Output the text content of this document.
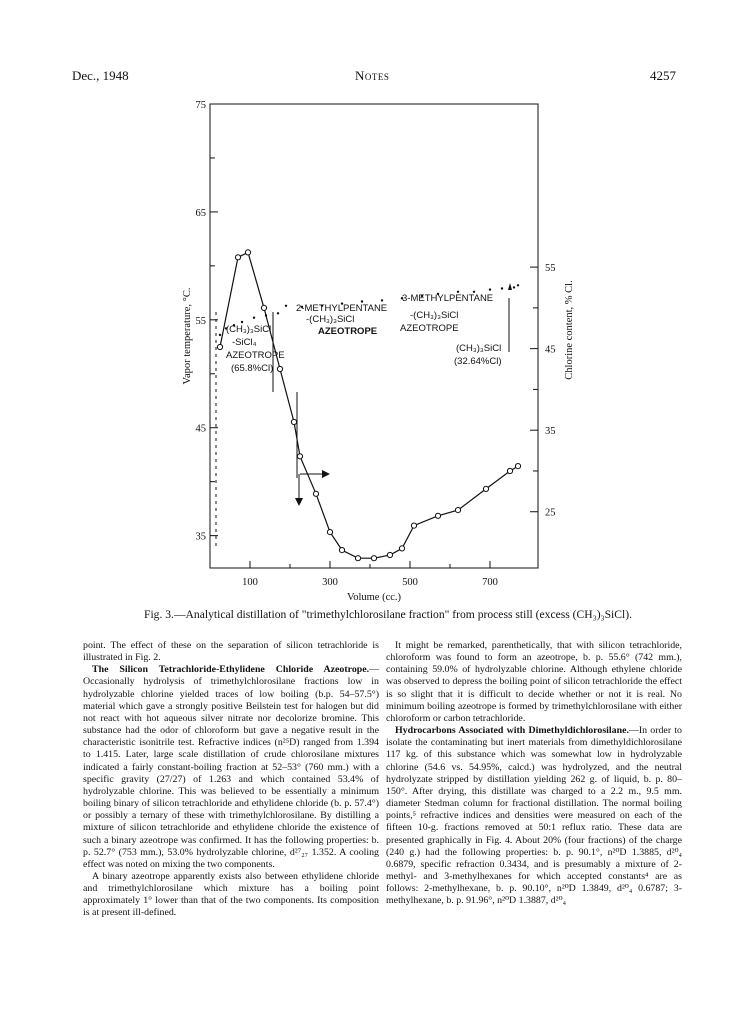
Dec., 1948	Notes	4257
100	300	500	700
75
65
55
45
35
55
45
35
25
Volume (cc.)
Vapor temperature, °C.	Chlorine content, % Cl.
(CH₃)₃SiCl
-SiCl₄
AZEOTROPE
(65.8%Cl)
2-METHYLPENTANE
-(CH₃)₃SiCl
AZEOTROPE
3-METHYLPENTANE
-(CH₃)₃SiCl
AZEOTROPE
(CH₃)₃SiCl
(32.64%Cl)
Fig. 3.—Analytical distillation of "trimethylchlorosilane fraction" from process still (excess (CH₃)₃SiCl).

point. The effect of these on the separation of silicon tetrachloride is illustrated in Fig. 2.

The Silicon Tetrachloride-Ethylidene Chloride Azeotrope.—Occasionally hydrolysis of trimethylchlorosilane fractions low in hydrolyzable chlorine yielded traces of low boiling (b.p. 54–57.5°) material which gave a strongly positive Beilstein test for halogen but did not react with hot aqueous silver nitrate nor decolorize bromine. This substance had the odor of chloroform but gave a negative result in the characteristic isonitrile test. Refractive indices (n²⁵D) ranged from 1.394 to 1.415. Later, large scale distillation of crude chlorosilane mixtures indicated a fairly constant-boiling fraction at 52–53° (760 mm.) with a specific gravity (27/27) of 1.263 and which contained 53.4% of hydrolyzable chlorine. This was believed to be essentially a minimum boiling binary of silicon tetrachloride and ethylidene chloride (b. p. 57.4°) or possibly a ternary of these with trimethylchlorosilane. By distilling a mixture of silicon tetrachloride and ethylidene chloride the existence of such a binary azeotrope was confirmed. It has the following properties: b. p. 52.7° (753 mm.), 53.0% hydrolyzable chlorine, d²⁷₂₇ 1.352. A cooling effect was noted on mixing the two components.

A binary azeotrope apparently exists also between ethylidene chloride and trimethylchlorosilane which mixture has a boiling point approximately 1° lower than that of the two components. Its composition is at present ill-defined.

It might be remarked, parenthetically, that with silicon tetrachloride, chloroform was found to form an azeotrope, b. p. 55.6° (742 mm.), containing 59.0% of hydrolyzable chlorine. Although ethylene chloride was observed to depress the boiling point of silicon tetrachloride the effect is so slight that it is difficult to decide whether or not it is real. No minimum boiling azeotrope is formed by trimethylchlorosilane with either chloroform or carbon tetrachloride.

Hydrocarbons Associated with Dimethyldichlorosilane.—In order to isolate the contaminating but inert materials from dimethyldichlorosilane 117 kg. of this substance which was somewhat low in hydrolyzable chlorine (54.6 vs. 54.95%, calcd.) was hydrolyzed, and the neutral hydrolyzate stripped by distillation yielding 262 g. of liquid, b. p. 80–150°. After drying, this distillate was charged to a 2.2 m., 9.5 mm. diameter Stedman column for fractional distillation. The normal boiling points,⁵ refractive indices and densities were measured on each of the fifteen 10-g. fractions removed at 50:1 reflux ratio. These data are presented graphically in Fig. 4. About 20% (four fractions) of the charge (240 g.) had the following properties: b. p. 90.1°, n²⁰D 1.3885, d²⁰₄ 0.6879, specific refraction 0.3434, and is presumably a mixture of 2-methyl- and 3-methylhexanes for which accepted constants⁴ are as follows: 2-methylhexane, b. p. 90.10°, n²⁰D 1.3849, d²⁰₄ 0.6787; 3-methylhexane, b. p. 91.96°, n²⁰D 1.3887, d²⁰₄
